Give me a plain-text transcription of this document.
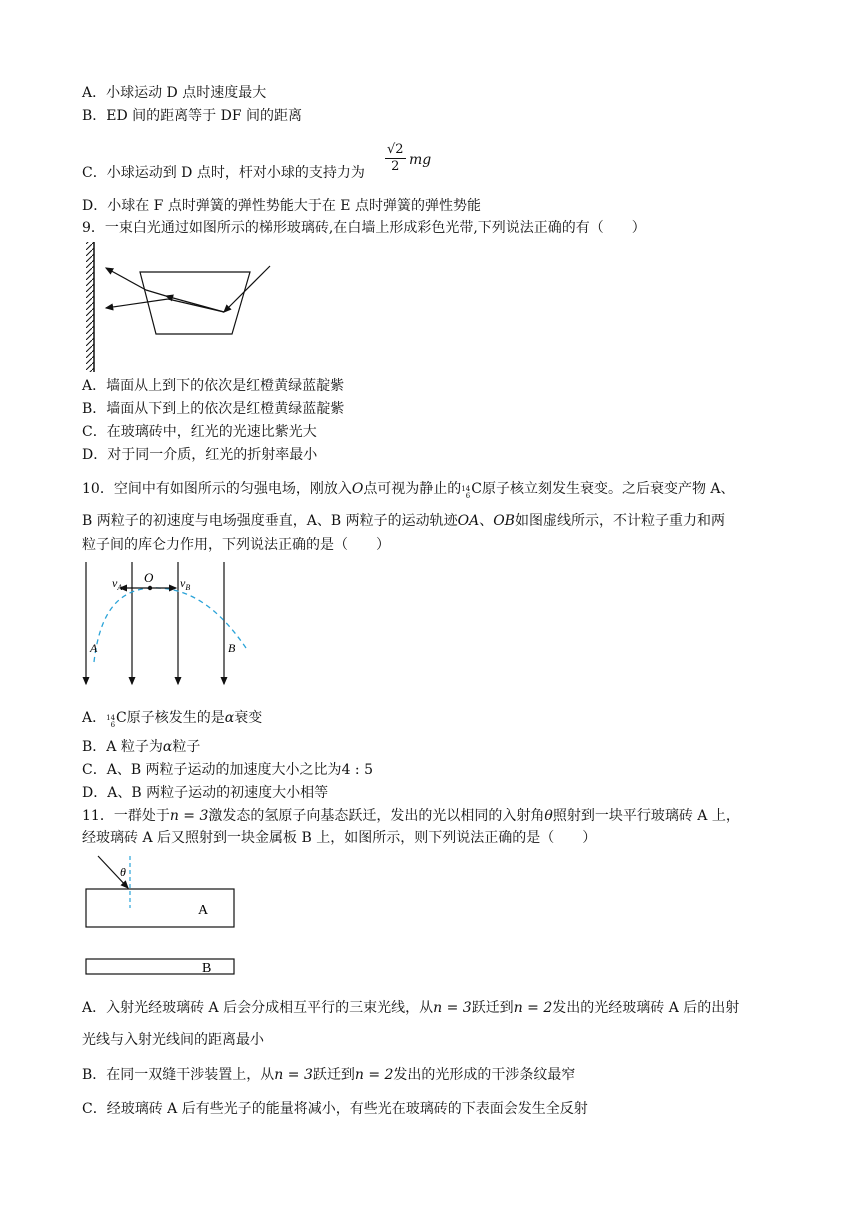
A．小球运动 D 点时速度最大
B．ED 间的距离等于 DF 间的距离
C．小球运动到 D 点时，杆对小球的支持力为 $\frac{√2}{2}$ mg
D．小球在 F 点时弹簧的弹性势能大于在 E 点时弹簧的弹性势能
9．一束白光通过如图所示的梯形玻璃砖,在白墙上形成彩色光带,下列说法正确的有（　　）
A．墙面从上到下的依次是红橙黄绿蓝靛紫
B．墙面从下到上的依次是红橙黄绿蓝靛紫
C．在玻璃砖中，红光的光速比紫光大
D．对于同一介质，红光的折射率最小
10．空间中有如图所示的匀强电场，刚放入O点可视为静止的 14
6 C原子核立刻发生衰变。之后衰变产物 A、
B 两粒子的初速度与电场强度垂直，A、B 两粒子的运动轨迹OA、OB如图虚线所示，不计粒子重力和两
粒子间的库仑力作用，下列说法正确的是（　　）
O
$v_A$	$v_B$
A	B
A． 14
6 C原子核发生的是α衰变
B．A 粒子为α粒子
C．A、B 两粒子运动的加速度大小之比为4 : 5
D．A、B 两粒子运动的初速度大小相等
11．一群处于n = 3激发态的氢原子向基态跃迁，发出的光以相同的入射角θ照射到一块平行玻璃砖 A 上，
经玻璃砖 A 后又照射到一块金属板 B 上，如图所示，则下列说法正确的是（　　）
θ
A
B
A．入射光经玻璃砖 A 后会分成相互平行的三束光线，从n = 3跃迁到n = 2发出的光经玻璃砖 A 后的出射
光线与入射光线间的距离最小
B．在同一双缝干涉装置上，从n = 3跃迁到n = 2发出的光形成的干涉条纹最窄
C．经玻璃砖 A 后有些光子的能量将减小，有些光在玻璃砖的下表面会发生全反射
